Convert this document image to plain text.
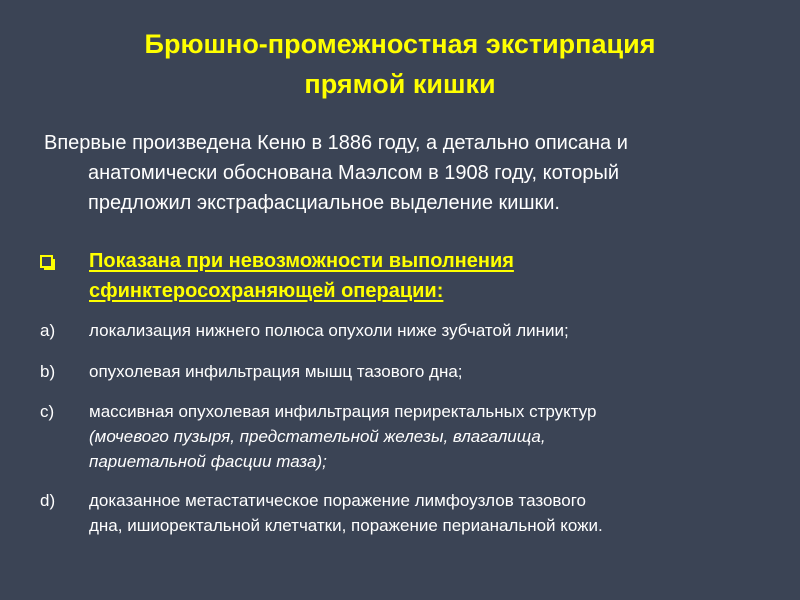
Брюшно-промежностная экстирпация
прямой кишки

Впервые произведена Кеню в 1886 году, а детально описана и
анатомически обоснована Маэлсом в 1908 году, который
предложил экстрафасциальное выделение кишки.

Показана при невозможности выполнения
сфинктеросохраняющей операции:
a)	локализация нижнего полюса опухоли ниже зубчатой линии;
b)	опухолевая инфильтрация мышц тазового дна;
c)	массивная опухолевая инфильтрация периректальных структур
(мочевого пузыря, предстательной железы, влагалища,
париетальной фасции таза);
d)	доказанное метастатическое поражение лимфоузлов тазового
дна, ишиоректальной клетчатки, поражение перианальной кожи.
